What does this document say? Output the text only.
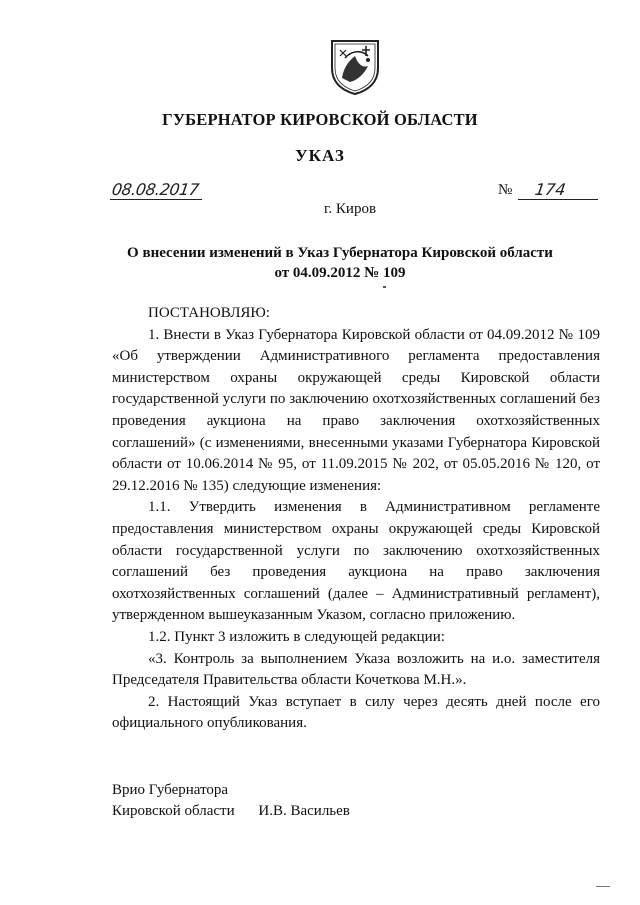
ГУБЕРНАТОР КИРОВСКОЙ ОБЛАСТИ
УКАЗ
08.08.2017	№ 174
г. Киров
О внесении изменений в Указ Губернатора Кировской области
от 04.09.2012 № 109

ПОСТАНОВЛЯЮ:

1. Внести в Указ Губернатора Кировской области от 04.09.2012 № 109 «Об утверждении Административного регламента предоставления министерством охраны окружающей среды Кировской области государственной услуги по заключению охотхозяйственных соглашений без проведения аукциона на право заключения охотхозяйственных соглашений» (с изменениями, внесенными указами Губернатора Кировской области от 10.06.2014 № 95, от 11.09.2015 № 202, от 05.05.2016 № 120, от 29.12.2016 № 135) следующие изменения:

1.1. Утвердить изменения в Административном регламенте предоставления министерством охраны окружающей среды Кировской области государственной услуги по заключению охотхозяйственных соглашений без проведения аукциона на право заключения охотхозяйственных соглашений (далее – Административный регламент), утвержденном вышеуказанным Указом, согласно приложению.

1.2. Пункт 3 изложить в следующей редакции:

«3. Контроль за выполнением Указа возложить на и.о. заместителя Председателя Правительства области Кочеткова М.Н.».

2. Настоящий Указ вступает в силу через десять дней после его официального опубликования.

Врио Губернатора
Кировской области И.В. Васильев
